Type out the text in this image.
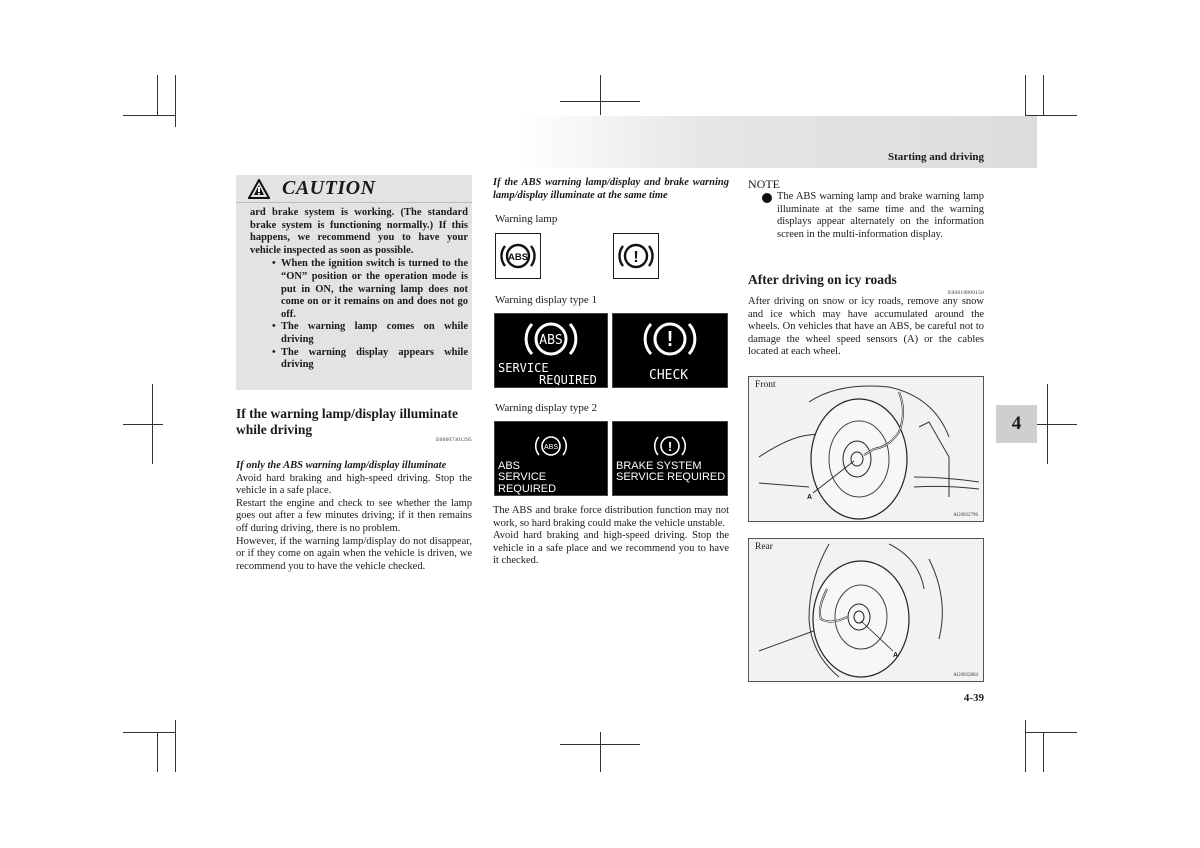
Starting and driving
4
4-39
CAUTION

ard brake system is working. (The standard brake system is functioning normally.) If this happens, we recommend you to have your vehicle inspected as soon as possible.

• When the ignition switch is turned to the “ON” position or the operation mode is put in ON, the warning lamp does not come on or it remains on and does not go off.
• The warning lamp comes on while driving
• The warning display appears while driving
If the warning lamp/display illuminate while driving
E00607301295
If only the ABS warning lamp/display illuminate
Avoid hard braking and high-speed driving. Stop the vehicle in a safe place.
Restart the engine and check to see whether the lamp goes out after a few minutes driving; if it then remains off during driving, there is no problem.
However, if the warning lamp/display do not disappear, or if they come on again when the vehicle is driven, we recommend you to have the vehicle checked.
If the ABS warning lamp/display and brake warning lamp/display illuminate at the same time
Warning lamp
ABS	!
Warning display type 1
ABS
SERVICE
REQUIRED
!
CHECK
Warning display type 2
ABS
ABS
SERVICE REQUIRED
!
BRAKE SYSTEM
SERVICE REQUIRED
The ABS and brake force distribution function may not work, so hard braking could make the vehicle unstable.
Avoid hard braking and high-speed driving. Stop the vehicle in a safe place and we recommend you to have it checked.
NOTE
The ABS warning lamp and brake warning lamp illuminate at the same time and the warning displays appear alternately on the information screen in the multi-information display.
After driving on icy roads
E00618800150
After driving on snow or icy roads, remove any snow and ice which may have accumulated around the wheels. On vehicles that have an ABS, be careful not to damage the wheel speed sensors (A) or the cables located at each wheel.
Front
A
AG0022796
Rear
A
AG0022804
